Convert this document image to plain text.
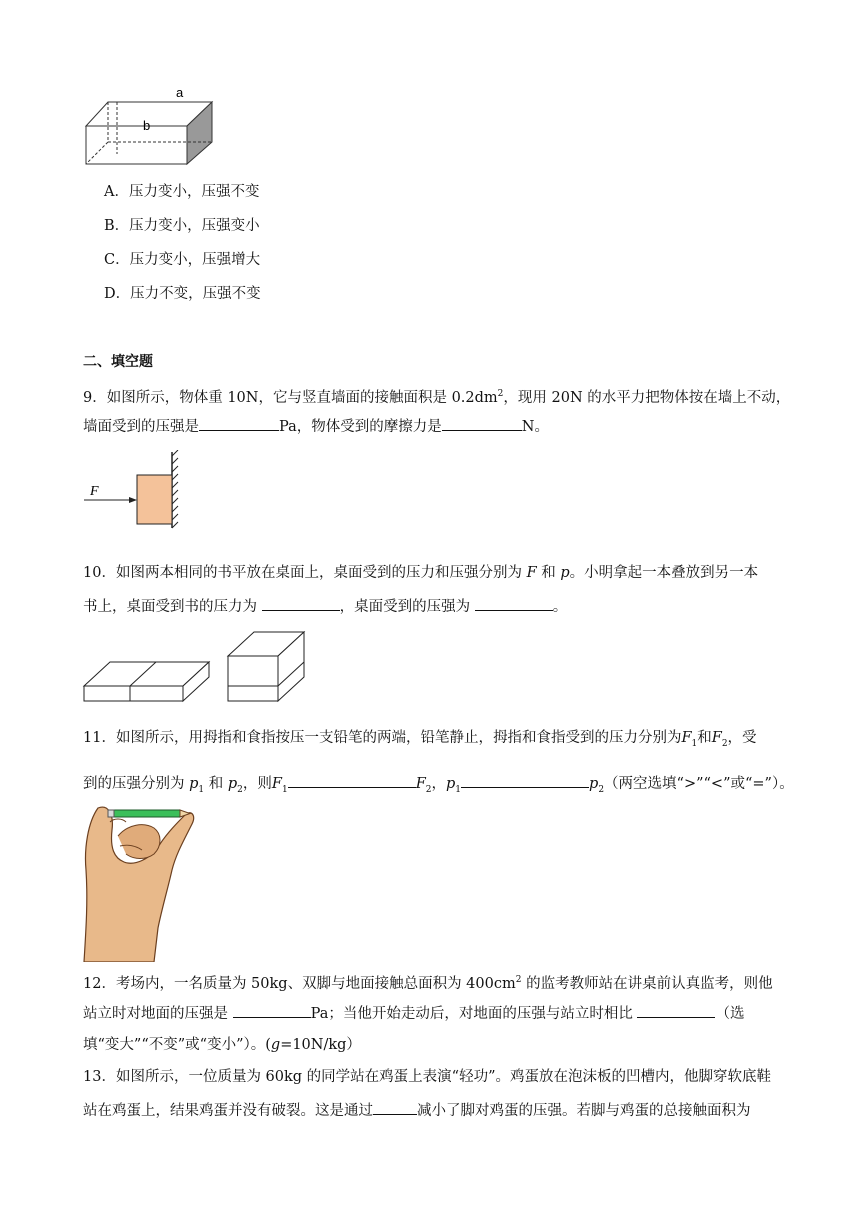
a
b
A．压力变小，压强不变
B．压力变小，压强变小
C．压力变小，压强增大
D．压力不变，压强不变
二、填空题
9．如图所示，物体重 10N，它与竖直墙面的接触面积是 $0.2dm^2$，现用 20N 的水平力把物体按在墙上不动，
墙面受到的压强是	Pa，物体受到的摩擦力是	N。
F
10．如图两本相同的书平放在桌面上，桌面受到的压力和压强分别为 F 和 p。小明拿起一本叠放到另一本
书上，桌面受到书的压力为	，桌面受到的压强为	。
11．如图所示，用拇指和食指按压一支铅笔的两端，铅笔静止，拇指和食指受到的压力分别为$F_1$和$F_2$，受
到的压强分别为 $p_1$ 和 $p_2$，则$F_1$	$F_2$，$p_1$	$p_2$（两空选填“>”“<”或“=”）。
12．考场内，一名质量为 50kg、双脚与地面接触总面积为 $400cm^2$ 的监考教师站在讲桌前认真监考，则他
站立时对地面的压强是	Pa；当他开始走动后，对地面的压强与站立时相比	（选
填“变大”“不变”或“变小”）。(g=10N/kg）
13．如图所示，一位质量为 60kg 的同学站在鸡蛋上表演“轻功”。鸡蛋放在泡沫板的凹槽内，他脚穿软底鞋
站在鸡蛋上，结果鸡蛋并没有破裂。这是通过	减小了脚对鸡蛋的压强。若脚与鸡蛋的总接触面积为
